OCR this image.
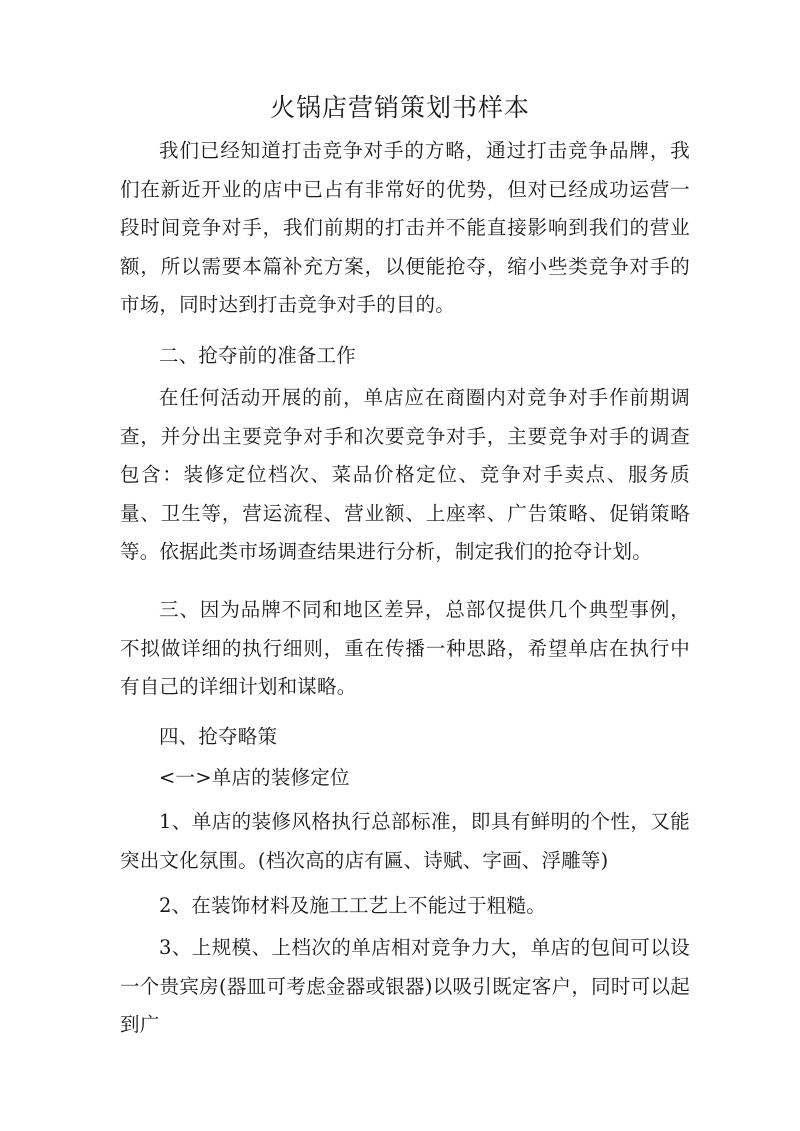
火锅店营销策划书样本

我们已经知道打击竞争对手的方略，通过打击竞争品牌，我们在新近开业的店中已占有非常好的优势，但对已经成功运营一段时间竞争对手，我们前期的打击并不能直接影响到我们的营业额，所以需要本篇补充方案，以便能抢夺，缩小些类竞争对手的市场，同时达到打击竞争对手的目的。

二、抢夺前的准备工作

在任何活动开展的前，单店应在商圈内对竞争对手作前期调查，并分出主要竞争对手和次要竞争对手，主要竞争对手的调查包含：装修定位档次、菜品价格定位、竞争对手卖点、服务质量、卫生等，营运流程、营业额、上座率、广告策略、促销策略等。依据此类市场调查结果进行分析，制定我们的抢夺计划。

三、因为品牌不同和地区差异，总部仅提供几个典型事例，不拟做详细的执行细则，重在传播一种思路，希望单店在执行中有自己的详细计划和谋略。

四、抢夺略策

<一>单店的装修定位

1、单店的装修风格执行总部标准，即具有鲜明的个性，又能突出文化氛围。(档次高的店有匾、诗赋、字画、浮雕等)

2、在装饰材料及施工工艺上不能过于粗糙。

3、上规模、上档次的单店相对竞争力大，单店的包间可以设一个贵宾房(器皿可考虑金器或银器)以吸引既定客户，同时可以起到广
